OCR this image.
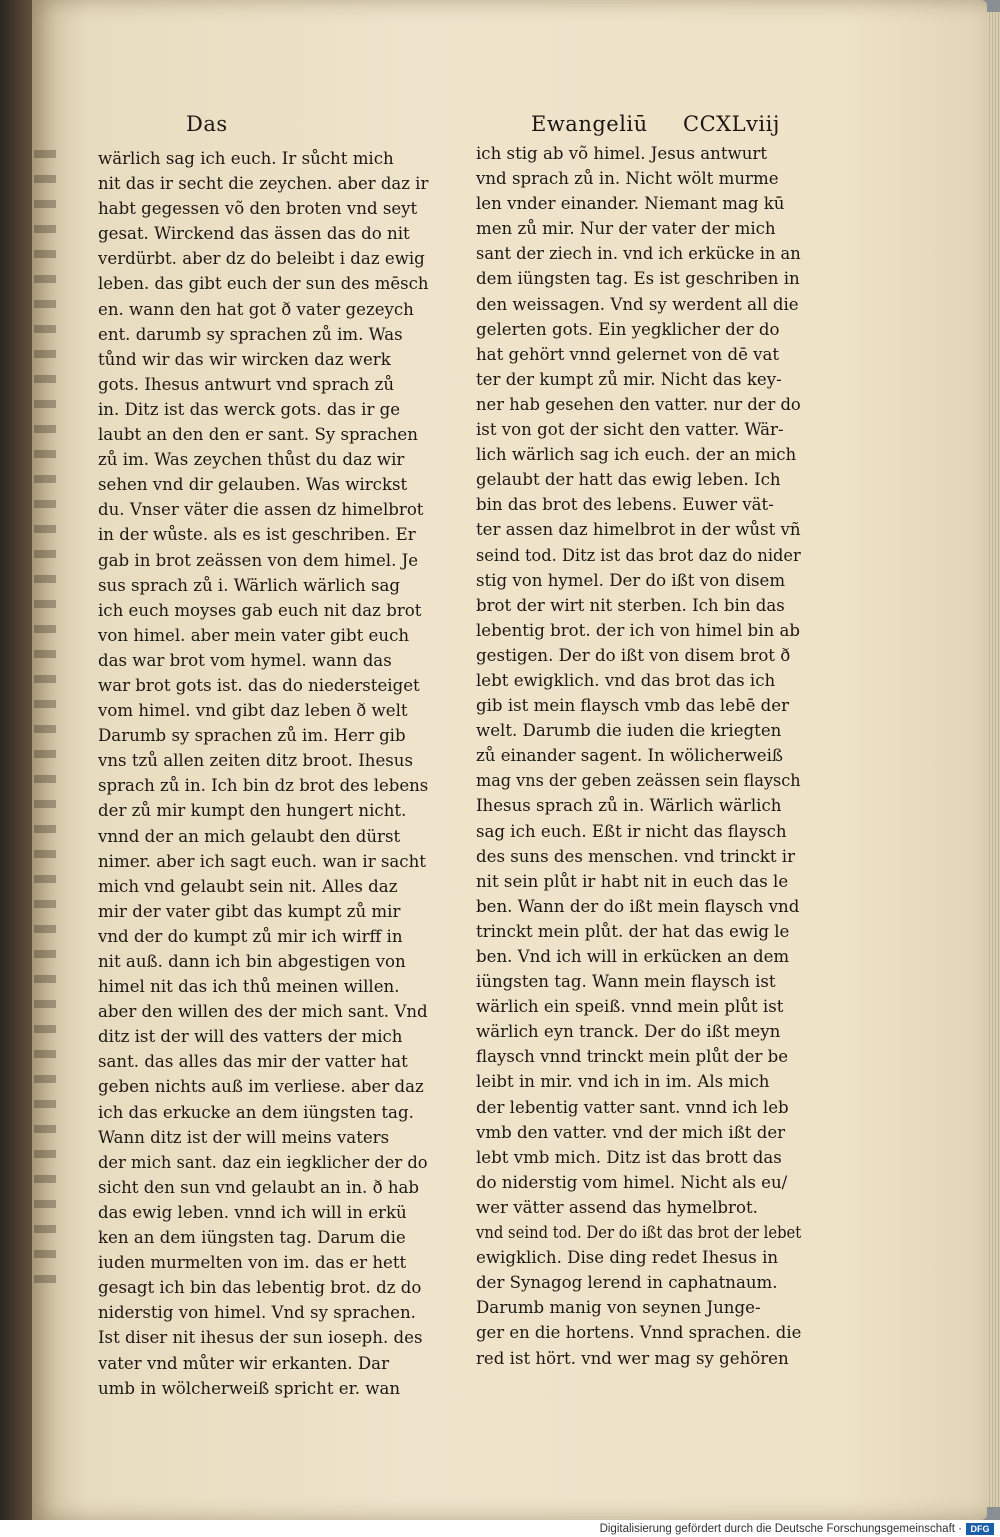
Das	Ewangeliū CCXLviij
wärlich sag ich euch. Ir sůcht mich
nit das ir secht die zeychen. aber daz ir
habt gegessen võ den broten vnd seyt
gesat. Wirckend das ässen das do nit
verdürbt. aber dz do beleibt i daz ewig
leben. das gibt euch der sun des mēsch
en. wann den hat got ð vater gezeych
ent. darumb sy sprachen zů im. Was
tůnd wir das wir wircken daz werk
gots. Ihesus antwurt vnd sprach zů
in. Ditz ist das werck gots. das ir ge
laubt an den den er sant. Sy sprachen
zů im. Was zeychen thůst du daz wir
sehen vnd dir gelauben. Was wirckst
du. Vnser väter die assen dz himelbrot
in der wůste. als es ist geschriben. Er
gab in brot zeässen von dem himel. Je
sus sprach zů i. Wärlich wärlich sag
ich euch moyses gab euch nit daz brot
von himel. aber mein vater gibt euch
das war brot vom hymel. wann das
war brot gots ist. das do niedersteiget
vom himel. vnd gibt daz leben ð welt
Darumb sy sprachen zů im. Herr gib
vns tzů allen zeiten ditz broot. Ihesus
sprach zů in. Ich bin dz brot des lebens
der zů mir kumpt den hungert nicht.
vnnd der an mich gelaubt den dürst
nimer. aber ich sagt euch. wan ir sacht
mich vnd gelaubt sein nit. Alles daz
mir der vater gibt das kumpt zů mir
vnd der do kumpt zů mir ich wirff in
nit auß. dann ich bin abgestigen von
himel nit das ich thů meinen willen.
aber den willen des der mich sant. Vnd
ditz ist der will des vatters der mich
sant. das alles das mir der vatter hat
geben nichts auß im verliese. aber daz
ich das erkucke an dem iüngsten tag.
Wann ditz ist der will meins vaters
der mich sant. daz ein iegklicher der do
sicht den sun vnd gelaubt an in. ð hab
das ewig leben. vnnd ich will in erkü
ken an dem iüngsten tag. Darum die
iuden murmelten von im. das er hett
gesagt ich bin das lebentig brot. dz do
niderstig von himel. Vnd sy sprachen.
Ist diser nit ihesus der sun ioseph. des
vater vnd můter wir erkanten. Dar
umb in wölcherweiß spricht er. wan
ich stig ab võ himel. Jesus antwurt
vnd sprach zů in. Nicht wölt murme
len vnder einander. Niemant mag kū
men zů mir. Nur der vater der mich
sant der ziech in. vnd ich erkücke in an
dem iüngsten tag. Es ist geschriben in
den weissagen. Vnd sy werdent all die
gelerten gots. Ein yegklicher der do
hat gehört vnnd gelernet von dē vat
ter der kumpt zů mir. Nicht das key-
ner hab gesehen den vatter. nur der do
ist von got der sicht den vatter. Wär-
lich wärlich sag ich euch. der an mich
gelaubt der hatt das ewig leben. Ich
bin das brot des lebens. Euwer vät-
ter assen daz himelbrot in der wůst vñ
seind tod. Ditz ist das brot daz do nider
stig von hymel. Der do ißt von disem
brot der wirt nit sterben. Ich bin das
lebentig brot. der ich von himel bin ab
gestigen. Der do ißt von disem brot ð
lebt ewigklich. vnd das brot das ich
gib ist mein flaysch vmb das lebē der
welt. Darumb die iuden die kriegten
zů einander sagent. In wölicherweiß
mag vns der geben zeässen sein flaysch
Ihesus sprach zů in. Wärlich wärlich
sag ich euch. Eßt ir nicht das flaysch
des suns des menschen. vnd trinckt ir
nit sein plůt ir habt nit in euch das le
ben. Wann der do ißt mein flaysch vnd
trinckt mein plůt. der hat das ewig le
ben. Vnd ich will in erkücken an dem
iüngsten tag. Wann mein flaysch ist
wärlich ein speiß. vnnd mein plůt ist
wärlich eyn tranck. Der do ißt meyn
flaysch vnnd trinckt mein plůt der be
leibt in mir. vnd ich in im. Als mich
der lebentig vatter sant. vnnd ich leb
vmb den vatter. vnd der mich ißt der
lebt vmb mich. Ditz ist das brott das
do niderstig vom himel. Nicht als eu/
wer vätter assend das hymelbrot.
vnd seind tod. Der do ißt das brot der lebet
ewigklich. Dise ding redet Ihesus in
der Synagog lerend in caphatnaum.
Darumb manig von seynen Junge-
ger en die hortens. Vnnd sprachen. die
red ist hört. vnd wer mag sy gehören
Digitalisierung gefördert durch die Deutsche Forschungsgemeinschaft · DFG
